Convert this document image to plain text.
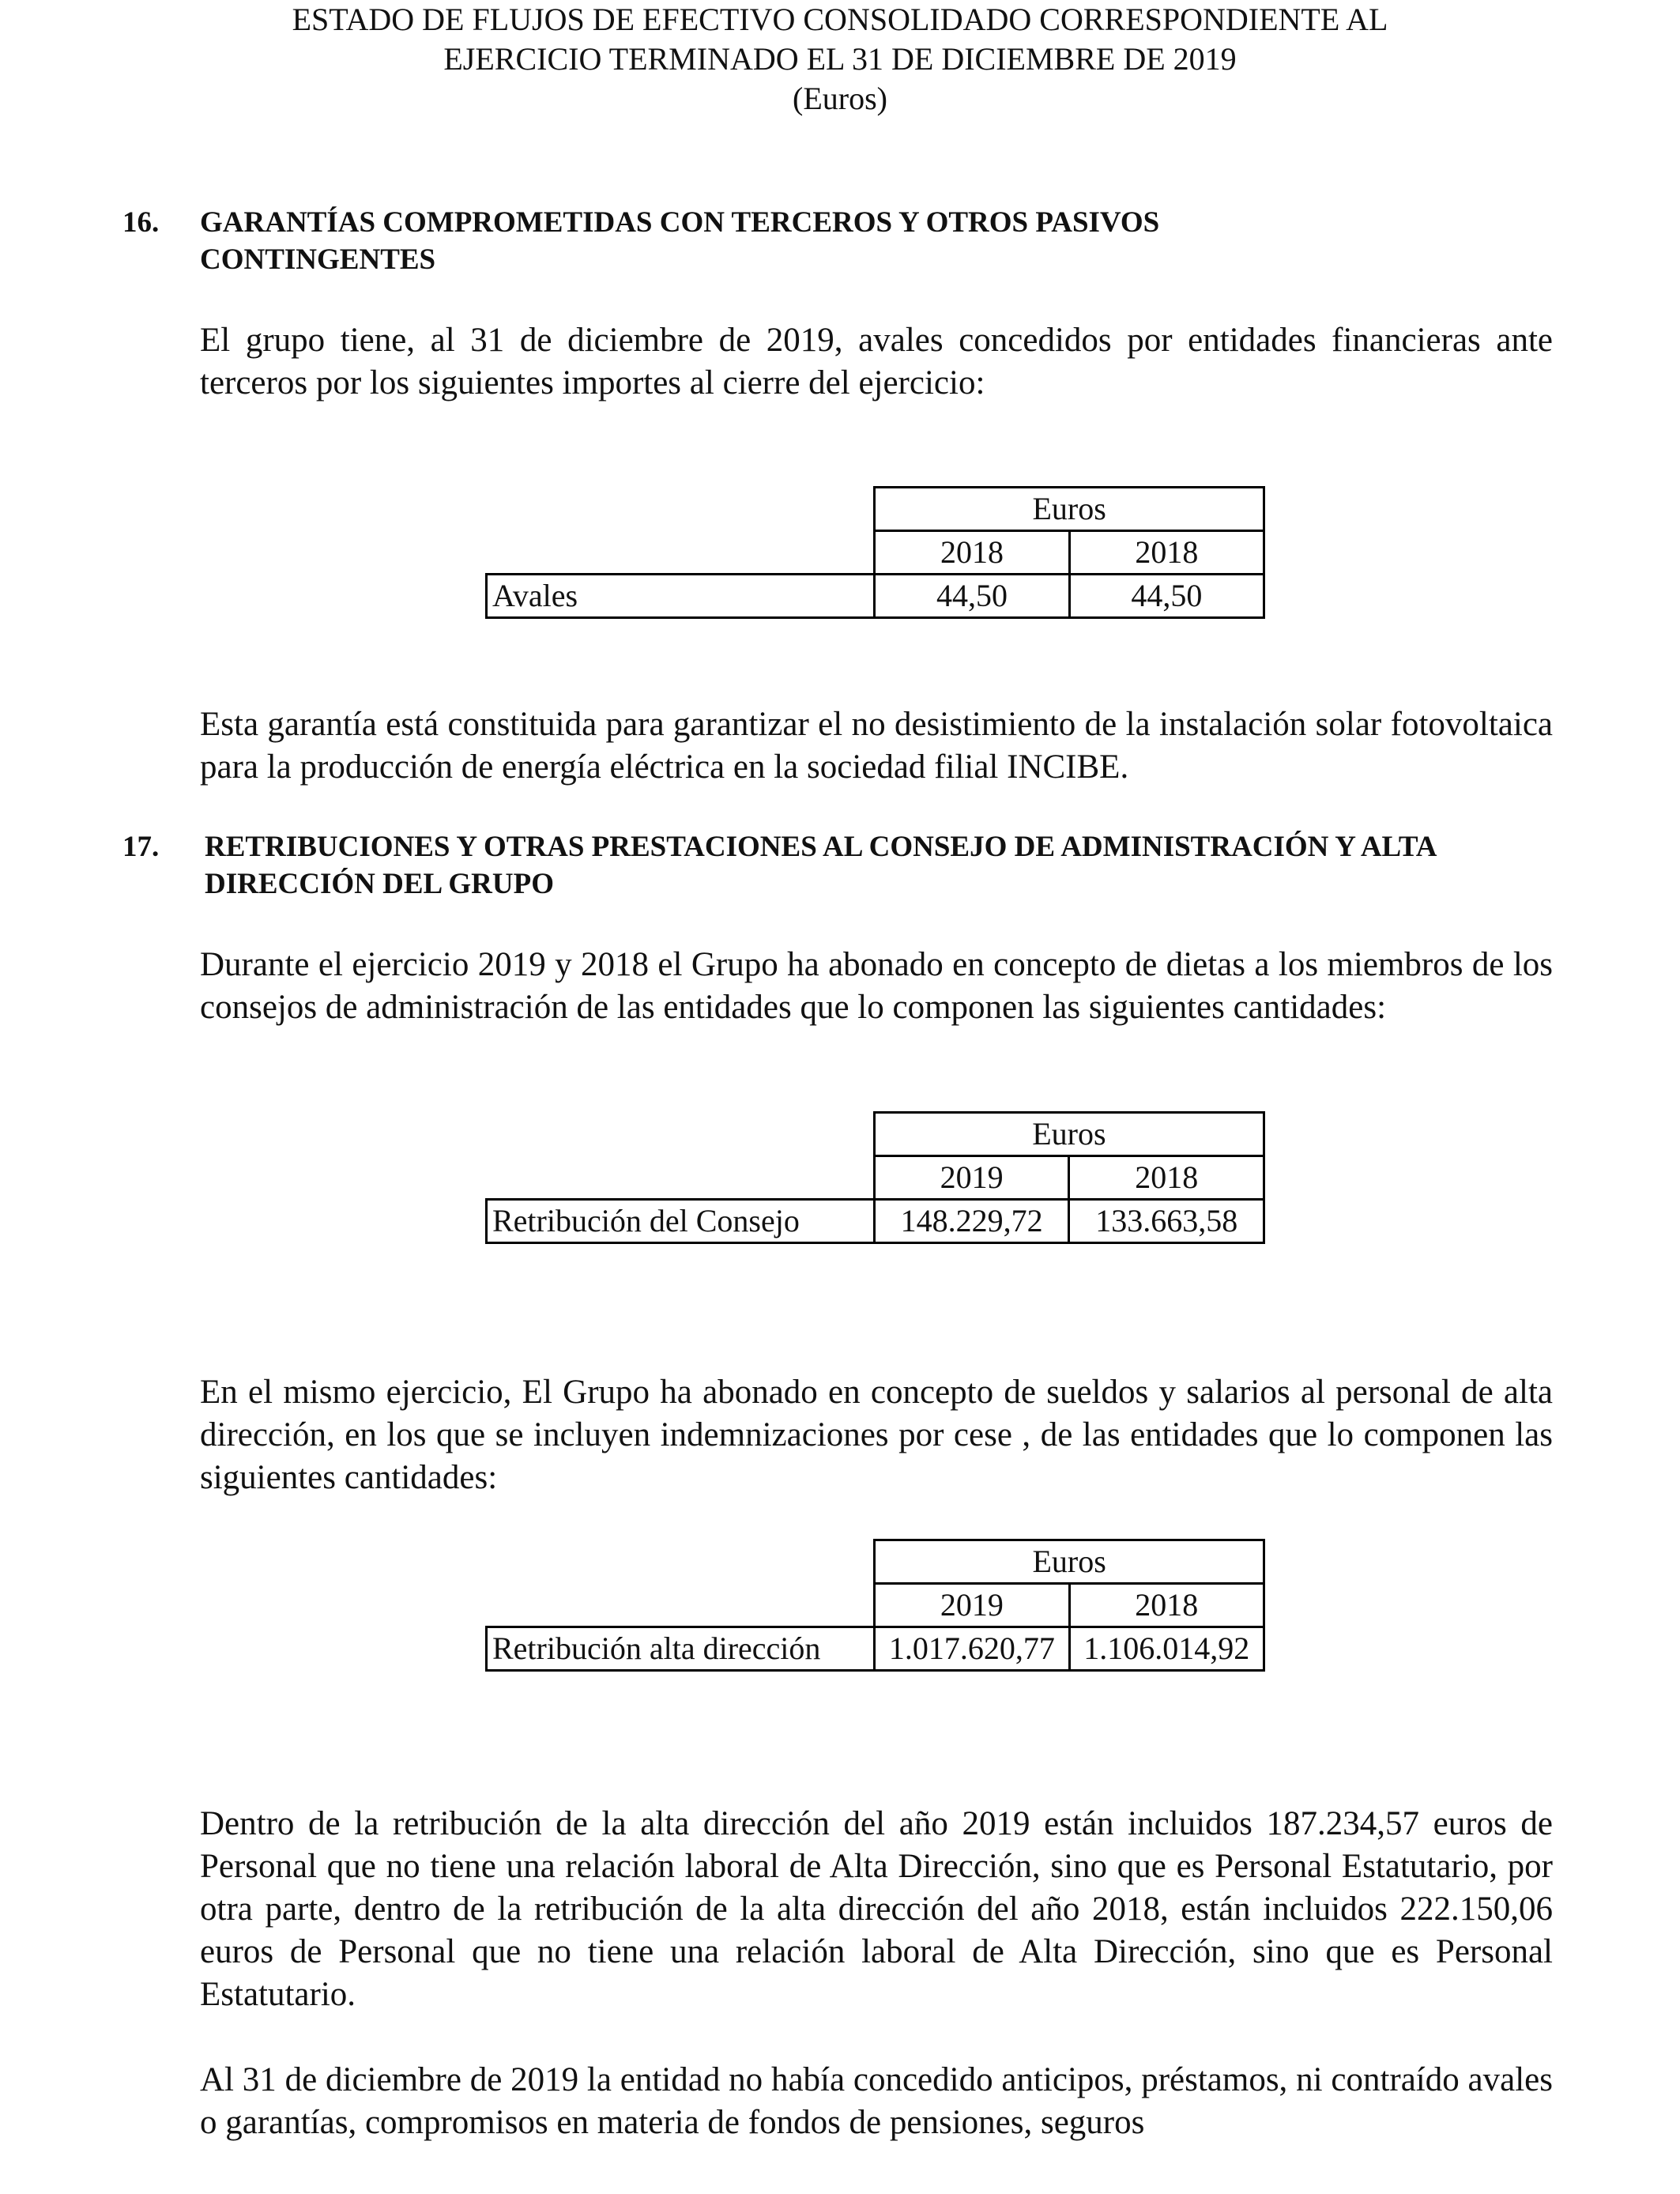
ESTADO DE FLUJOS DE EFECTIVO CONSOLIDADO CORRESPONDIENTE AL
EJERCICIO TERMINADO EL 31 DE DICIEMBRE DE 2019
(Euros)
16. GARANTÍAS COMPROMETIDAS CON TERCEROS Y OTROS PASIVOS CONTINGENTES

El grupo tiene, al 31 de diciembre de 2019, avales concedidos por entidades financieras ante terceros por los siguientes importes al cierre del ejercicio:

	Euros	
	2018	2018
Avales	44,50	44,50

Esta garantía está constituida para garantizar el no desistimiento de la instalación solar fotovoltaica para la producción de energía eléctrica en la sociedad filial INCIBE.

17. RETRIBUCIONES Y OTRAS PRESTACIONES AL CONSEJO DE ADMINISTRACIÓN Y ALTA DIRECCIÓN DEL GRUPO

Durante el ejercicio 2019 y 2018 el Grupo ha abonado en concepto de dietas a los miembros de los consejos de administración de las entidades que lo componen las siguientes cantidades:

	Euros	
	2019	2018
Retribución del Consejo	148.229,72	133.663,58

En el mismo ejercicio, El Grupo ha abonado en concepto de sueldos y salarios al personal de alta dirección, en los que se incluyen indemnizaciones por cese , de las entidades que lo componen las siguientes cantidades:

	Euros	
	2019	2018
Retribución alta dirección	1.017.620,77	1.106.014,92

Dentro de la retribución de la alta dirección del año 2019 están incluidos 187.234,57 euros de Personal que no tiene una relación laboral de Alta Dirección, sino que es Personal Estatutario, por otra parte, dentro de la retribución de la alta dirección del año 2018, están incluidos 222.150,06 euros de Personal que no tiene una relación laboral de Alta Dirección, sino que es Personal Estatutario.

Al 31 de diciembre de 2019 la entidad no había concedido anticipos, préstamos, ni contraído avales o garantías, compromisos en materia de fondos de pensiones, seguros
